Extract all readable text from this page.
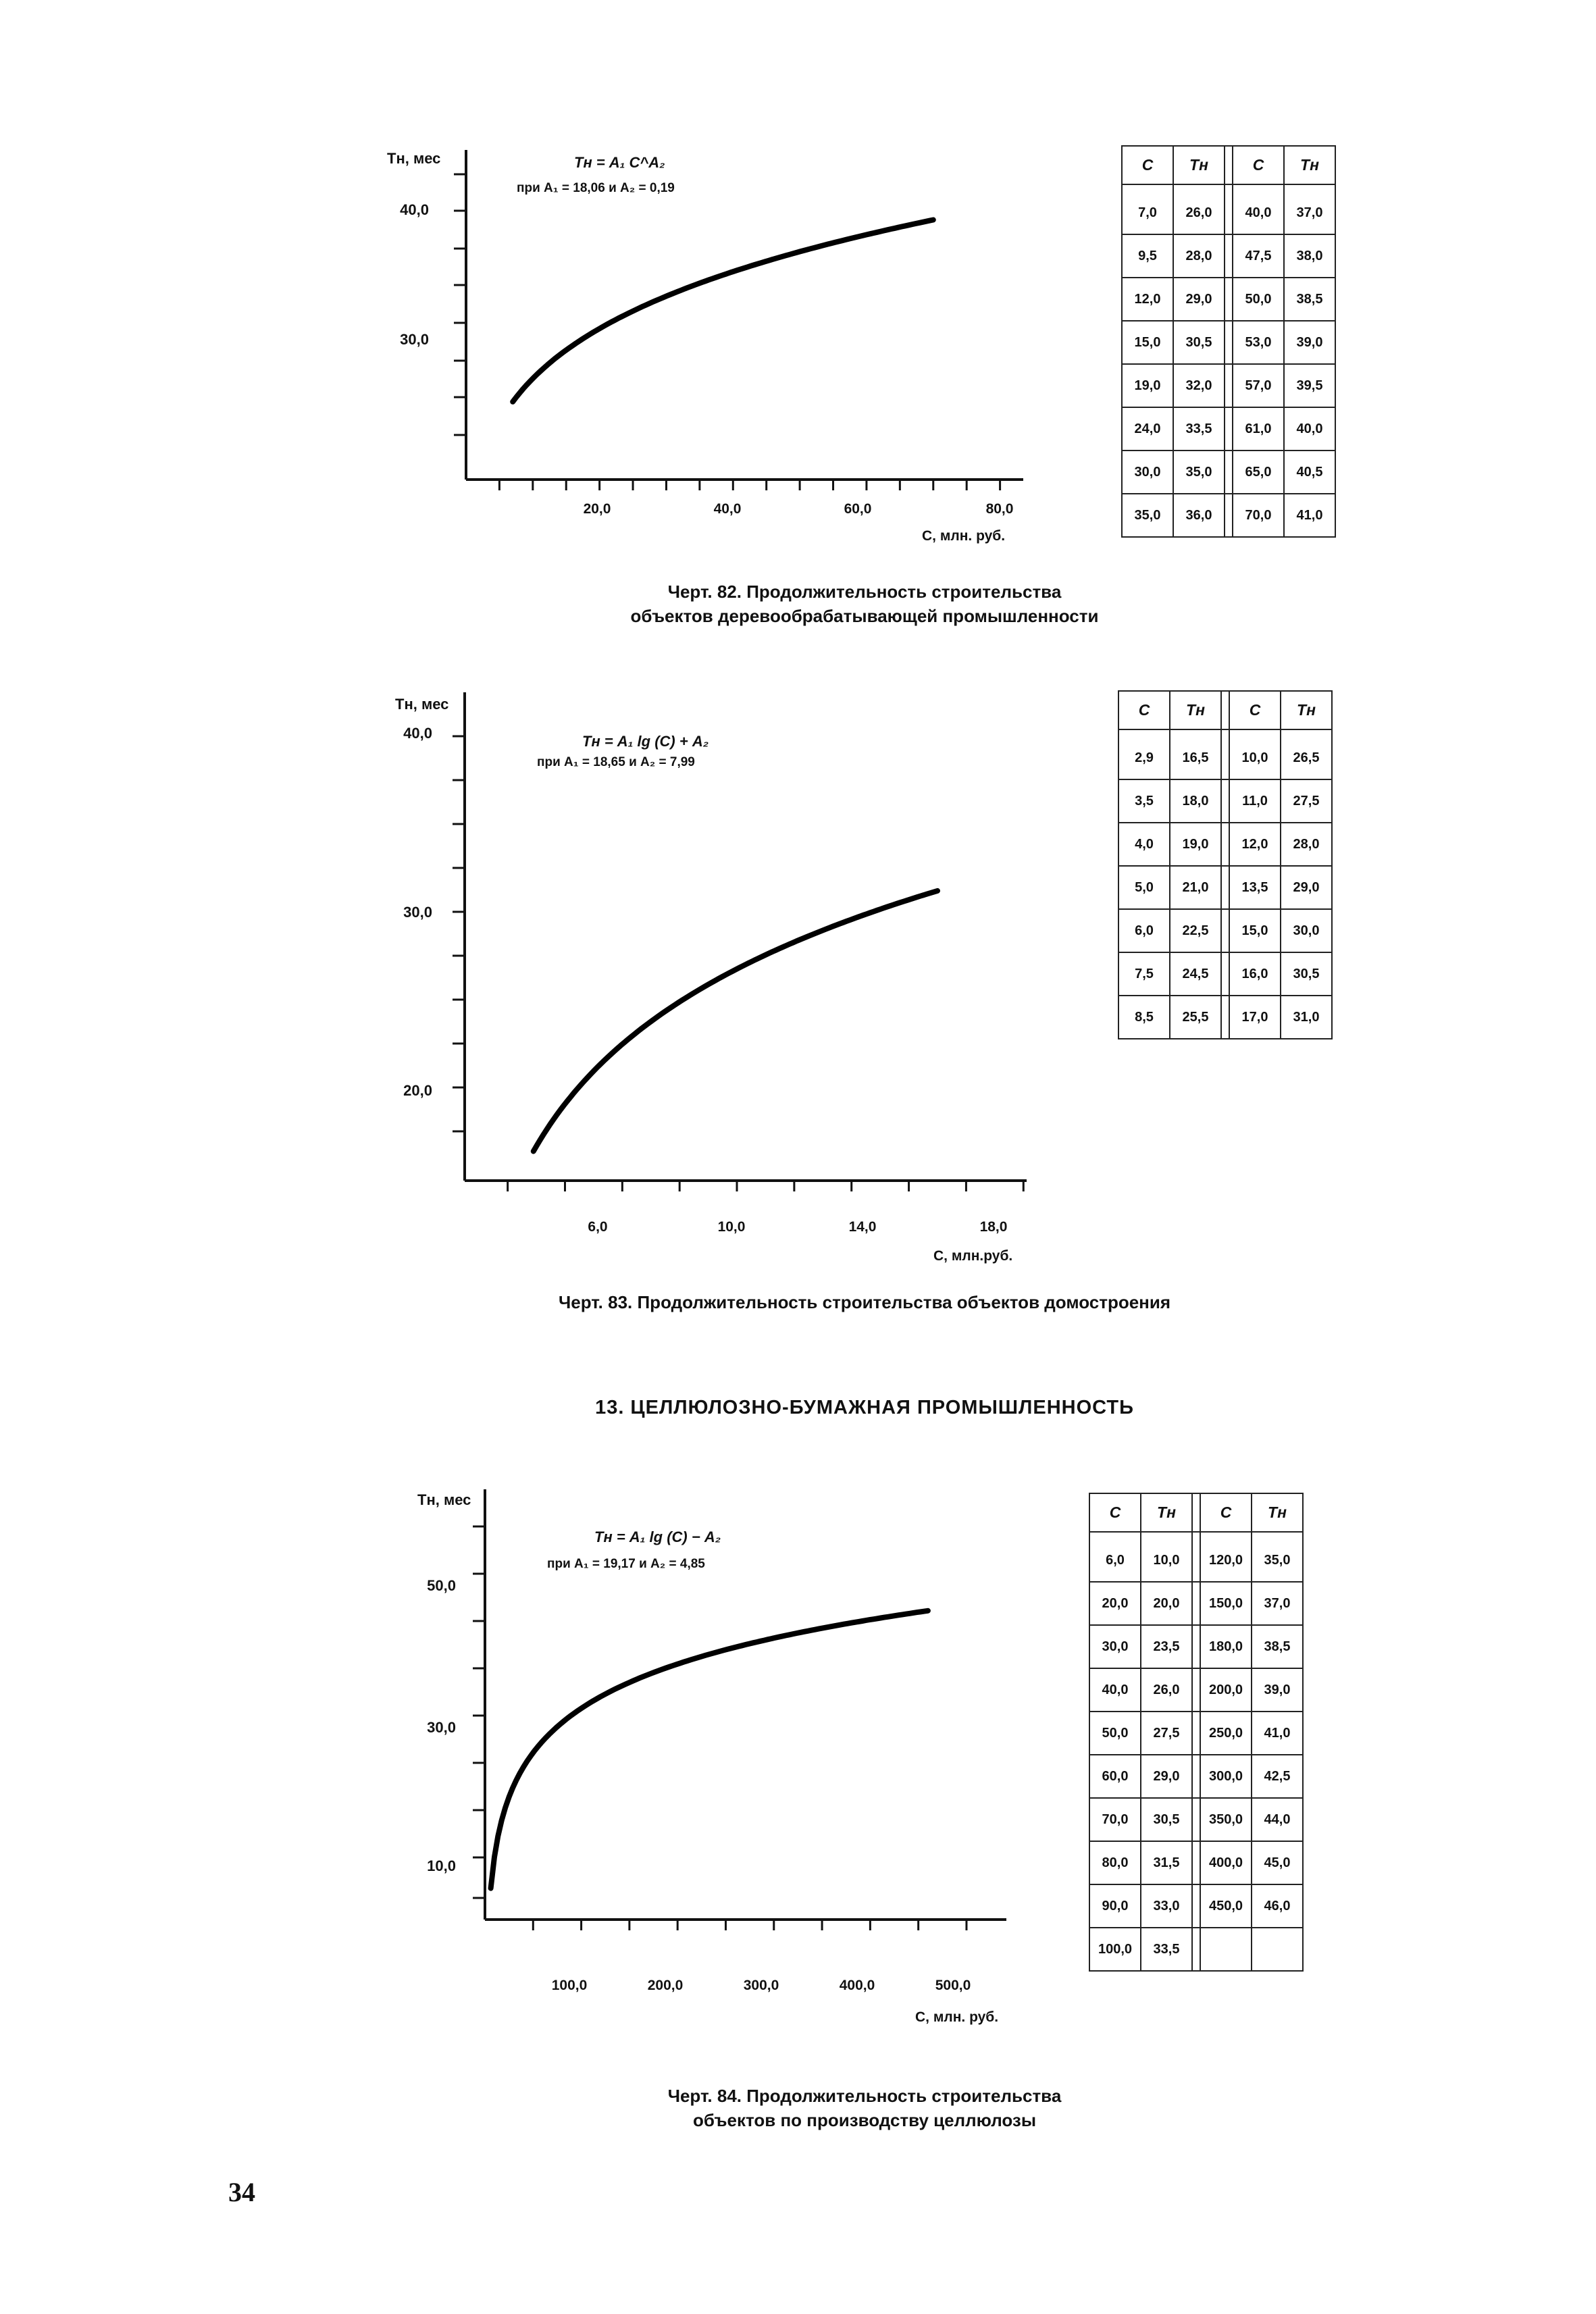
Тн, мес	Тн = А₁ С^А₂
при А₁ = 18,06 и А₂ = 0,19
40,0
30,0
20,0	40,0	60,0	80,0
С, млн. руб.
C	Tн		C	Tн
7,0	26,0		40,0	37,0
9,5	28,0		47,5	38,0
12,0	29,0		50,0	38,5
15,0	30,5		53,0	39,0
19,0	32,0		57,0	39,5
24,0	33,5		61,0	40,0
30,0	35,0		65,0	40,5
35,0	36,0		70,0	41,0
Черт. 82. Продолжительность строительства
объектов деревообрабатывающей промышленности
Тн, мес
Тн = А₁ lg (С) + А₂
при А₁ = 18,65 и А₂ = 7,99
40,0
30,0
20,0
6,0	10,0	14,0	18,0
С, млн.руб.
C	Tн		C	Tн
2,9	16,5		10,0	26,5
3,5	18,0		11,0	27,5
4,0	19,0		12,0	28,0
5,0	21,0		13,5	29,0
6,0	22,5		15,0	30,0
7,5	24,5		16,0	30,5
8,5	25,5		17,0	31,0
Черт. 83. Продолжительность строительства объектов домостроения
13. ЦЕЛЛЮЛОЗНО-БУМАЖНАЯ ПРОМЫШЛЕННОСТЬ
Тн, мес
Тн = А₁ lg (С) − А₂
при А₁ = 19,17 и А₂ = 4,85
50,0
30,0
10,0
100,0	200,0	300,0	400,0	500,0
С, млн. руб.
C	Tн		C	Tн
6,0	10,0		120,0	35,0
20,0	20,0		150,0	37,0
30,0	23,5		180,0	38,5
40,0	26,0		200,0	39,0
50,0	27,5		250,0	41,0
60,0	29,0		300,0	42,5
70,0	30,5		350,0	44,0
80,0	31,5		400,0	45,0
90,0	33,0		450,0	46,0
100,0	33,5			
Черт. 84. Продолжительность строительства
объектов по производству целлюлозы
34
